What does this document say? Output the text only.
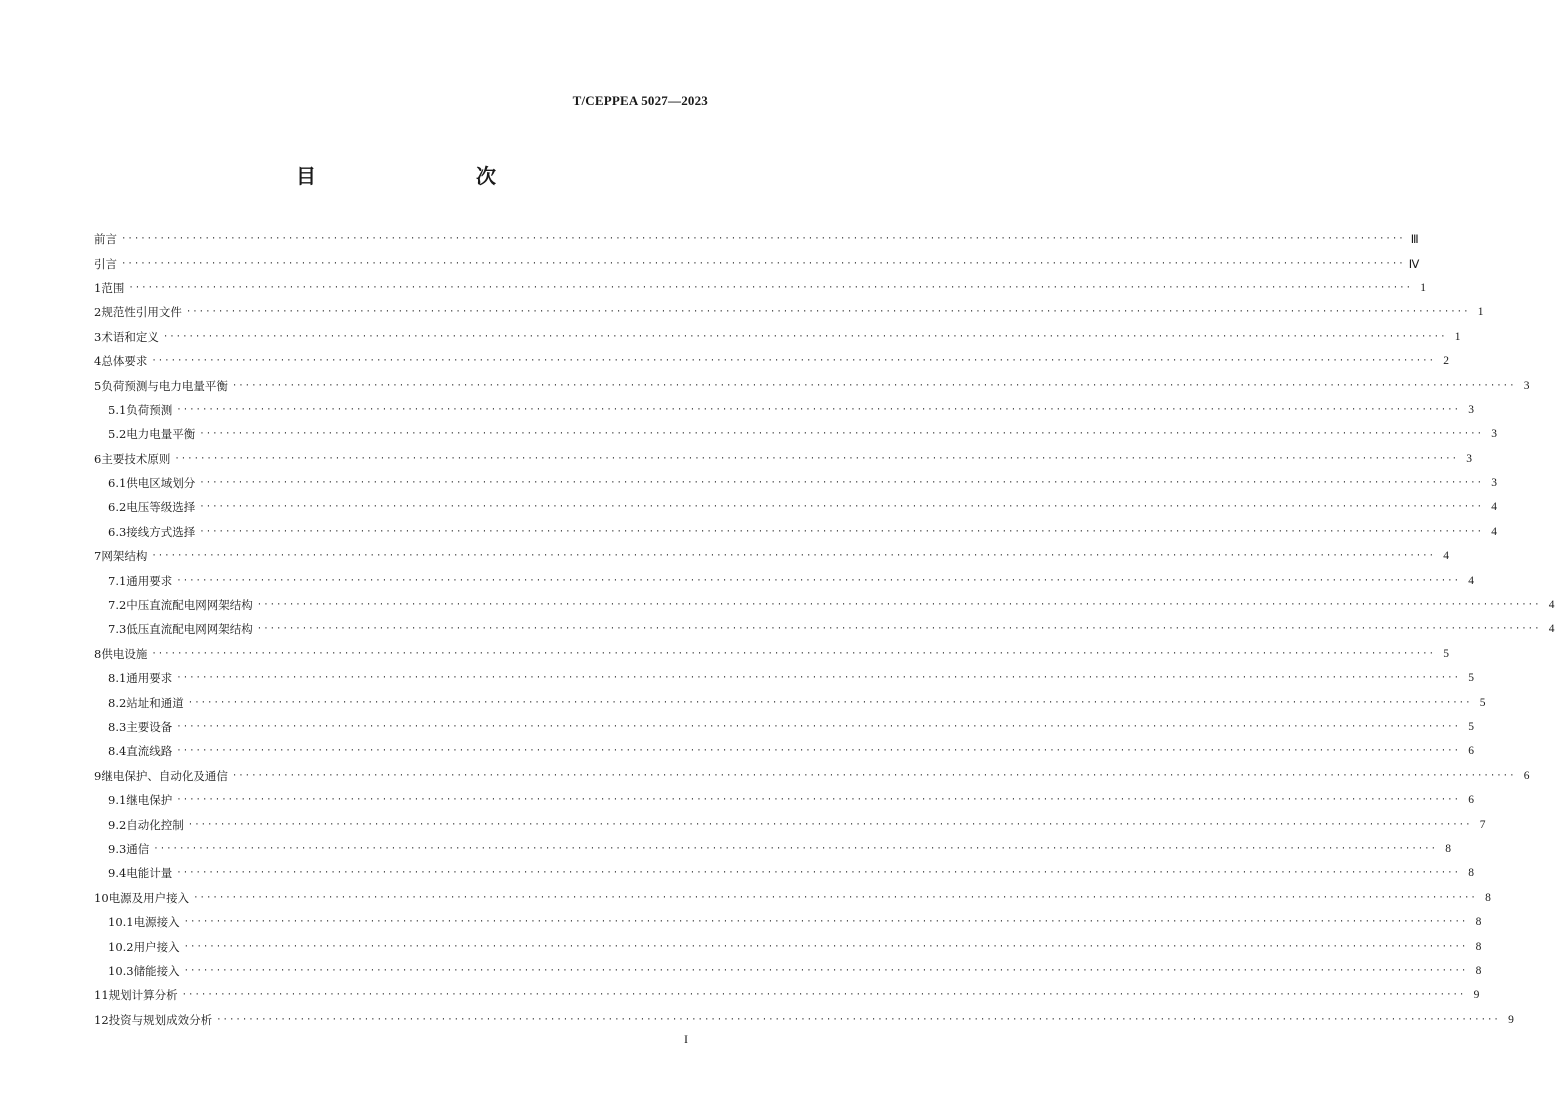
T/CEPPEA 5027—2023
目　　次
前言 ········································································································································································································ Ⅲ
引言 ········································································································································································································ Ⅳ
1 范围 ········································································································································································································ 1
2 规范性引用文件 ········································································································································································································ 1
3 术语和定义 ········································································································································································································ 1
4 总体要求 ········································································································································································································ 2
5 负荷预测与电力电量平衡 ········································································································································································································ 3
5.1 负荷预测 ········································································································································································································ 3
5.2 电力电量平衡 ········································································································································································································ 3
6 主要技术原则 ········································································································································································································ 3
6.1 供电区域划分 ········································································································································································································ 3
6.2 电压等级选择 ········································································································································································································ 4
6.3 接线方式选择 ········································································································································································································ 4
7 网架结构 ········································································································································································································ 4
7.1 通用要求 ········································································································································································································ 4
7.2 中压直流配电网网架结构 ········································································································································································································ 4
7.3 低压直流配电网网架结构 ········································································································································································································ 4
8 供电设施 ········································································································································································································ 5
8.1 通用要求 ········································································································································································································ 5
8.2 站址和通道 ········································································································································································································ 5
8.3 主要设备 ········································································································································································································ 5
8.4 直流线路 ········································································································································································································ 6
9 继电保护、自动化及通信 ········································································································································································································ 6
9.1 继电保护 ········································································································································································································ 6
9.2 自动化控制 ········································································································································································································ 7
9.3 通信 ········································································································································································································ 8
9.4 电能计量 ········································································································································································································ 8
10 电源及用户接入 ········································································································································································································ 8
10.1 电源接入 ········································································································································································································ 8
10.2 用户接入 ········································································································································································································ 8
10.3 储能接入 ········································································································································································································ 8
11 规划计算分析 ········································································································································································································ 9
12 投资与规划成效分析 ········································································································································································································ 9
I
